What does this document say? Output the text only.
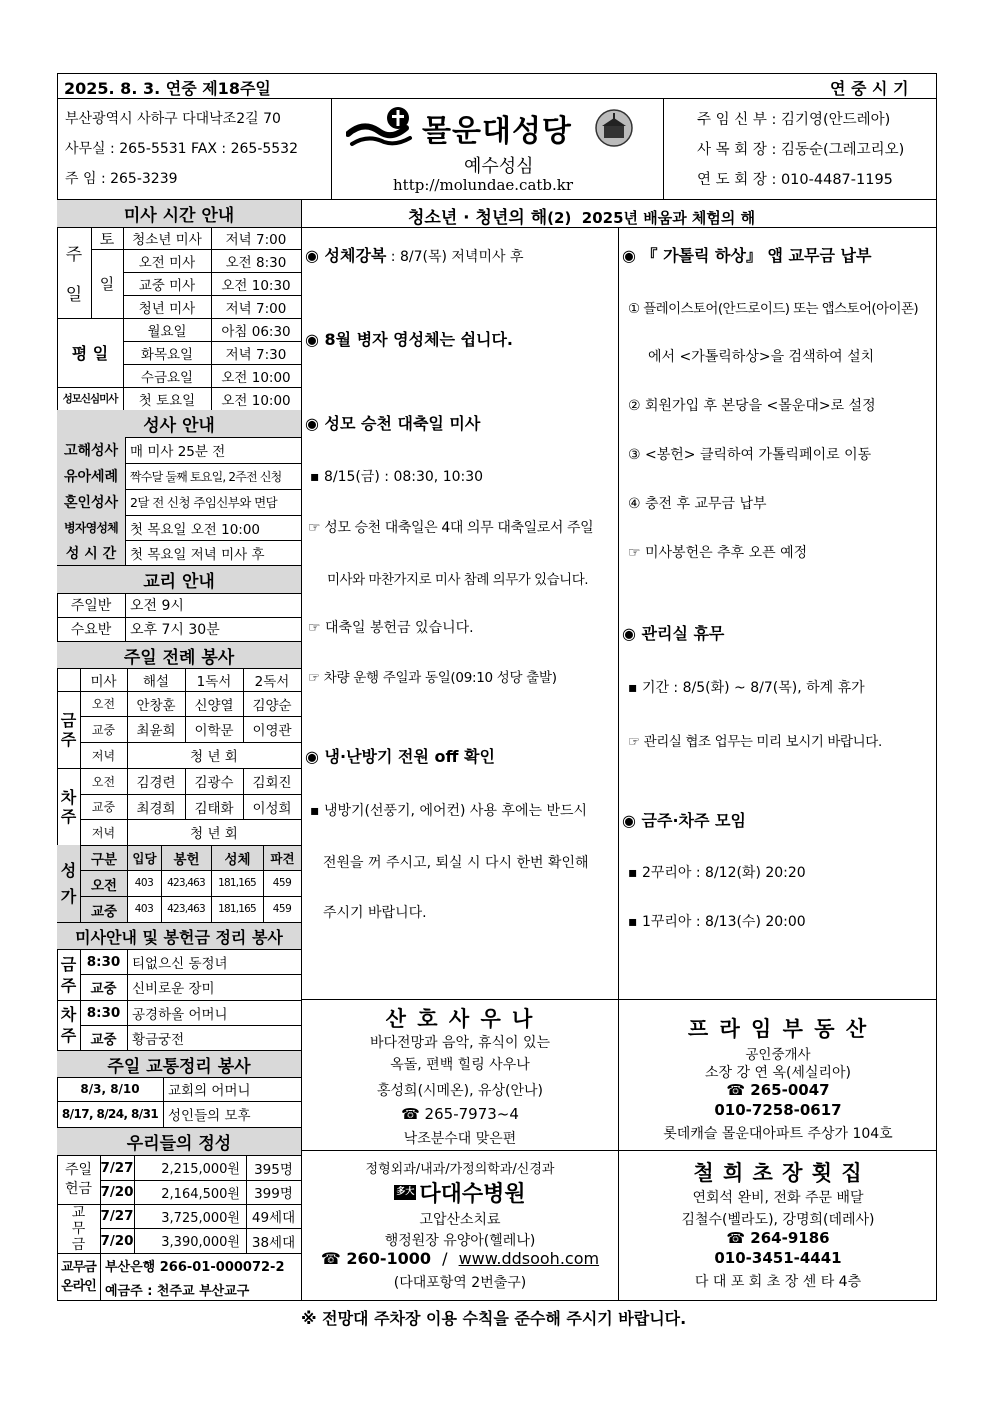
2025. 8. 3. 연중 제18주일	연 중 시 기
부산광역시 사하구 다대낙조2길 70
사무실 : 265-5531 FAX : 265-5532
주 임 : 265-3239
몰운대성당
예수성심
http://molundae.catb.kr
주 임 신 부 : 김기영(안드레아)
사 목 회 장 : 김동순(그레고리오)
연 도 회 장 : 010-4487-1195
청소년 · 청년의 해(2) 2025년 배움과 체험의 해
미사 시간 안내
주
일
토
일
청소년 미사	저녁 7:00
오전 미사	오전 8:30
교중 미사	오전 10:30
청년 미사	저녁 7:00
평 일
월요일	아침 06:30
화목요일	저녁 7:30
수금요일	오전 10:00
성모신심미사	첫 토요일	오전 10:00
성사 안내
고해성사 매 미사 25분 전
유아세례 짝수달 둘째 토요일, 2주전 신청
혼인성사 2달 전 신청 주임신부와 면담
병자영성체 첫 목요일 오전 10:00
성 시 간	첫 목요일 저녁 미사 후
교리 안내
주일반	오전 9시
수요반	오후 7시 30분
주일 전례 봉사
미사	해설	1독서	2독서
금주
오전	안창훈	신양열	김양순
교중	최윤희	이학문	이영관
저녁	청 년 회
차주
오전	김경련	김광수	김회진
교중	최경희	김태화	이성희
저녁	청 년 회
성가
구분	입당	봉헌	성체	파견
오전	403	423,463	181,165	459
교중	403	423,463	181,165	459
미사안내 및 봉헌금 정리 봉사
금주
8:30 티없으신 동정녀
교중	신비로운 장미
차주
8:30 공경하올 어머니
교중	황금궁전
주일 교통정리 봉사
8/3, 8/10	교회의 어머니
8/17, 8/24, 8/31 성인들의 모후
우리들의 정성
주일헌금
7/27	2,215,000원	395명
7/20	2,164,500원	399명
교무금
7/27	3,725,000원 49세대
7/20	3,390,000원 38세대
교무금온라인
부산은행 266-01-000072-2
예금주 : 천주교 부산교구
◉ 성체강복 : 8/7(목) 저녁미사 후
◉ 8월 병자 영성체는 쉽니다.
◉ 성모 승천 대축일 미사
▪ 8/15(금) : 08:30, 10:30
☞ 성모 승천 대축일은 4대 의무 대축일로서 주일
미사와 마찬가지로 미사 참례 의무가 있습니다.
☞ 대축일 봉헌금 있습니다.
☞ 차량 운행 주일과 동일(09:10 성당 출발)
◉ 냉·난방기 전원 off 확인
▪ 냉방기(선풍기, 에어컨) 사용 후에는 반드시
전원을 꺼 주시고, 퇴실 시 다시 한번 확인해
주시기 바랍니다.
◉ 『 가톨릭 하상』 앱 교무금 납부
① 플레이스토어(안드로이드) 또는 앱스토어(아이폰)
에서 <가톨릭하상>을 검색하여 설치
② 회원가입 후 본당을 <몰운대>로 설정
③ <봉헌> 클릭하여 가톨릭페이로 이동
④ 충전 후 교무금 납부
☞ 미사봉헌은 추후 오픈 예정
◉ 관리실 휴무
▪ 기간 : 8/5(화) ~ 8/7(목), 하계 휴가
☞ 관리실 협조 업무는 미리 보시기 바랍니다.
◉ 금주·차주 모임
▪ 2꾸리아 : 8/12(화) 20:20
▪ 1꾸리아 : 8/13(수) 20:00
산 호 사 우 나
바다전망과 음악, 휴식이 있는
옥돌, 편백 힐링 사우나
홍성희(시메온), 유상(안나)
☎ 265-7973~4
낙조분수대 맞은편
프 라 임 부 동 산
공인중개사
소장 강 연 옥(세실리아)
☎ 265-0047
010-7258-0617
롯데캐슬 몰운대아파트 주상가 104호
정형외과/내과/가정의학과/신경과
多大 다대수병원
고압산소치료
행정원장 유양아(헬레나)
☎ 260-1000 / www.ddsooh.com
(다대포항역 2번출구)
철 희 초 장 횟 집
연회석 완비, 전화 주문 배달
김철수(벨라도), 강명희(데레사)
☎ 264-9186
010-3451-4441
다 대 포 회 초 장 센 타 4층
※ 전망대 주차장 이용 수칙을 준수해 주시기 바랍니다.
